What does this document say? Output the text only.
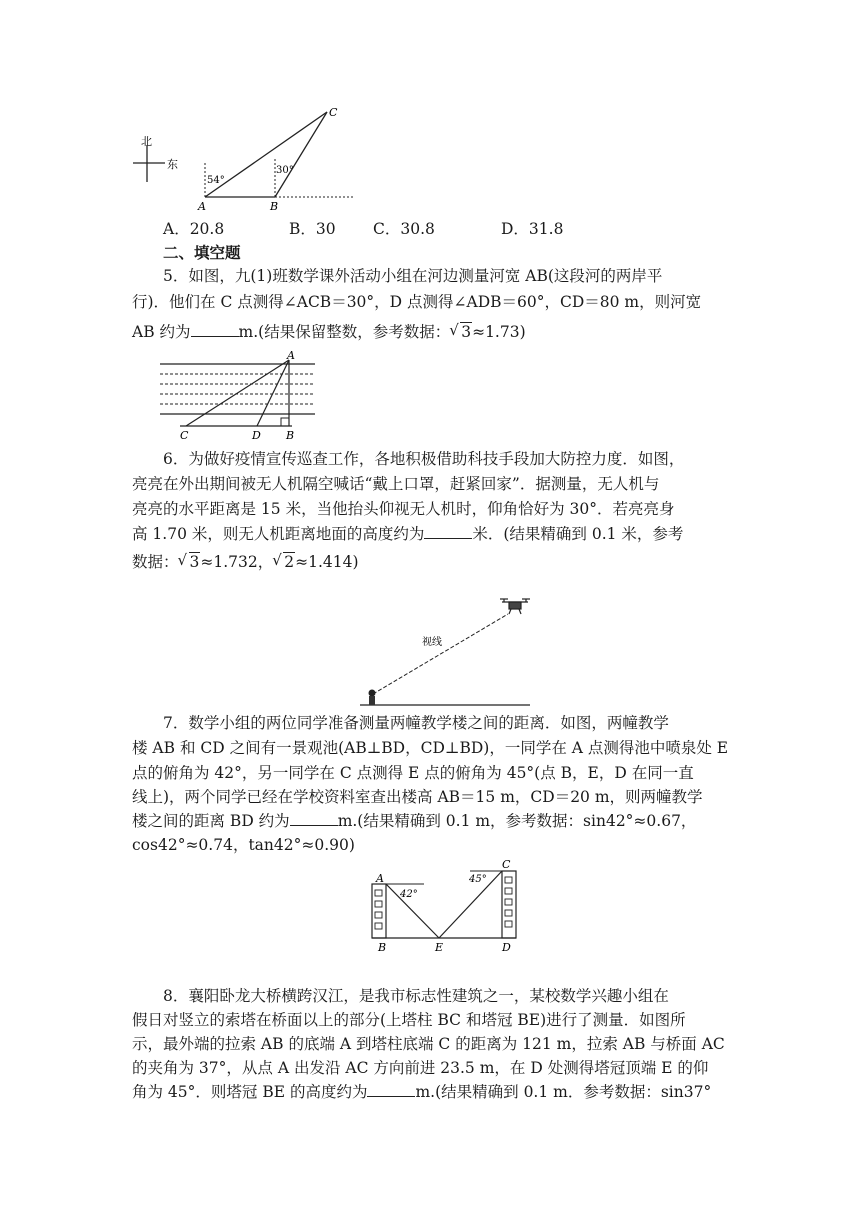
北
东
54°
30°
A	B
C
A．20.8	B．30 C．30.8	D．31.8
二、填空题
5．如图，九(1)班数学课外活动小组在河边测量河宽 AB(这段河的两岸平
行)．他们在 C 点测得∠ACB＝30°，D 点测得∠ADB＝60°，CD＝80 m，则河宽
AB 约为	m.(结果保留整数，参考数据： √ 3≈1.73)
A
B
C	D
6．为做好疫情宣传巡查工作，各地积极借助科技手段加大防控力度．如图，
亮亮在外出期间被无人机隔空喊话“戴上口罩，赶紧回家”．据测量，无人机与
亮亮的水平距离是 15 米，当他抬头仰视无人机时，仰角恰好为 30°．若亮亮身
高 1.70 米，则无人机距离地面的高度约为	米．(结果精确到 0.1 米，参考
数据： √ 3≈1.732， √ 2≈1.414)
视线
7．数学小组的两位同学准备测量两幢教学楼之间的距离．如图，两幢教学
楼 AB 和 CD 之间有一景观池(AB⊥BD，CD⊥BD)，一同学在 A 点测得池中喷泉处 E
点的俯角为 42°，另一同学在 C 点测得 E 点的俯角为 45°(点 B，E，D 在同一直
线上)，两个同学已经在学校资料室查出楼高 AB＝15 m，CD＝20 m，则两幢教学
楼之间的距离 BD 约为	m.(结果精确到 0.1 m，参考数据：sin42°≈0.67，
cos42°≈0.74，tan42°≈0.90)
42°
45°
A
B
C
D
E
8．襄阳卧龙大桥横跨汉江，是我市标志性建筑之一，某校数学兴趣小组在
假日对竖立的索塔在桥面以上的部分(上塔柱 BC 和塔冠 BE)进行了测量．如图所
示，最外端的拉索 AB 的底端 A 到塔柱底端 C 的距离为 121 m，拉索 AB 与桥面 AC
的夹角为 37°，从点 A 出发沿 AC 方向前进 23.5 m，在 D 处测得塔冠顶端 E 的仰
角为 45°．则塔冠 BE 的高度约为	m.(结果精确到 0.1 m．参考数据：sin37°
